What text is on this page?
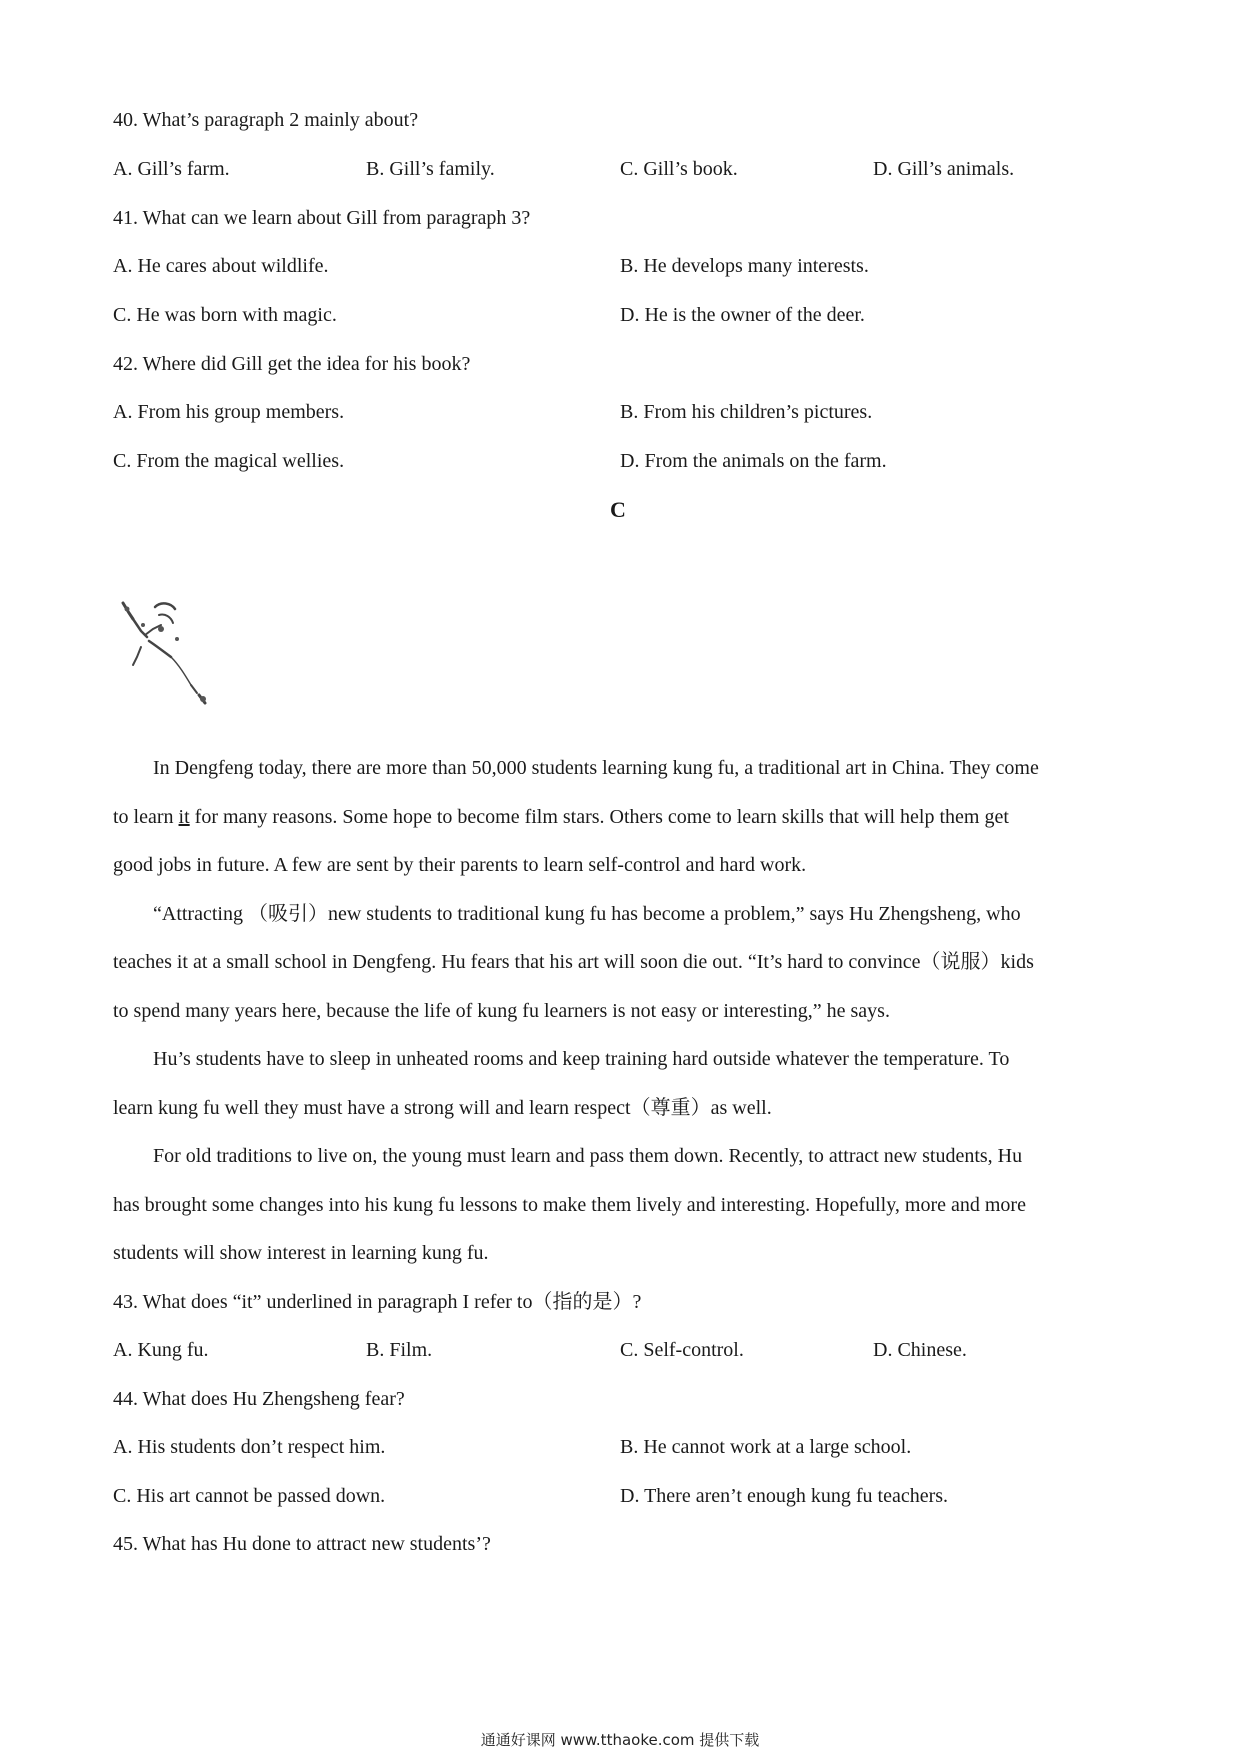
40. What’s paragraph 2 mainly about?
A. Gill’s farm.	B. Gill’s family.	C. Gill’s book.	D. Gill’s animals.
41. What can we learn about Gill from paragraph 3?
A. He cares about wildlife.	B. He develops many interests.
C. He was born with magic.	D. He is the owner of the deer.
42. Where did Gill get the idea for his book?
A. From his group members.	B. From his children’s pictures.
C. From the magical wellies.	D. From the animals on the farm.
C
In Dengfeng today, there are more than 50,000 students learning kung fu, a traditional art in China. They come
to learn it for many reasons. Some hope to become film stars. Others come to learn skills that will help them get
good jobs in future. A few are sent by their parents to learn self-control and hard work.
“Attracting （吸引）new students to traditional kung fu has become a problem,” says Hu Zhengsheng, who
teaches it at a small school in Dengfeng. Hu fears that his art will soon die out. “It’s hard to convince（说服）kids
to spend many years here, because the life of kung fu learners is not easy or interesting,” he says.
Hu’s students have to sleep in unheated rooms and keep training hard outside whatever the temperature. To
learn kung fu well they must have a strong will and learn respect（尊重）as well.
For old traditions to live on, the young must learn and pass them down. Recently, to attract new students, Hu
has brought some changes into his kung fu lessons to make them lively and interesting. Hopefully, more and more
students will show interest in learning kung fu.
43. What does “it” underlined in paragraph I refer to（指的是）?
A. Kung fu.	B. Film.	C. Self-control.	D. Chinese.
44. What does Hu Zhengsheng fear?
A. His students don’t respect him.	B. He cannot work at a large school.
C. His art cannot be passed down.	D. There aren’t enough kung fu teachers.
45. What has Hu done to attract new students’?
通通好课网 www.tthaoke.com 提供下载
